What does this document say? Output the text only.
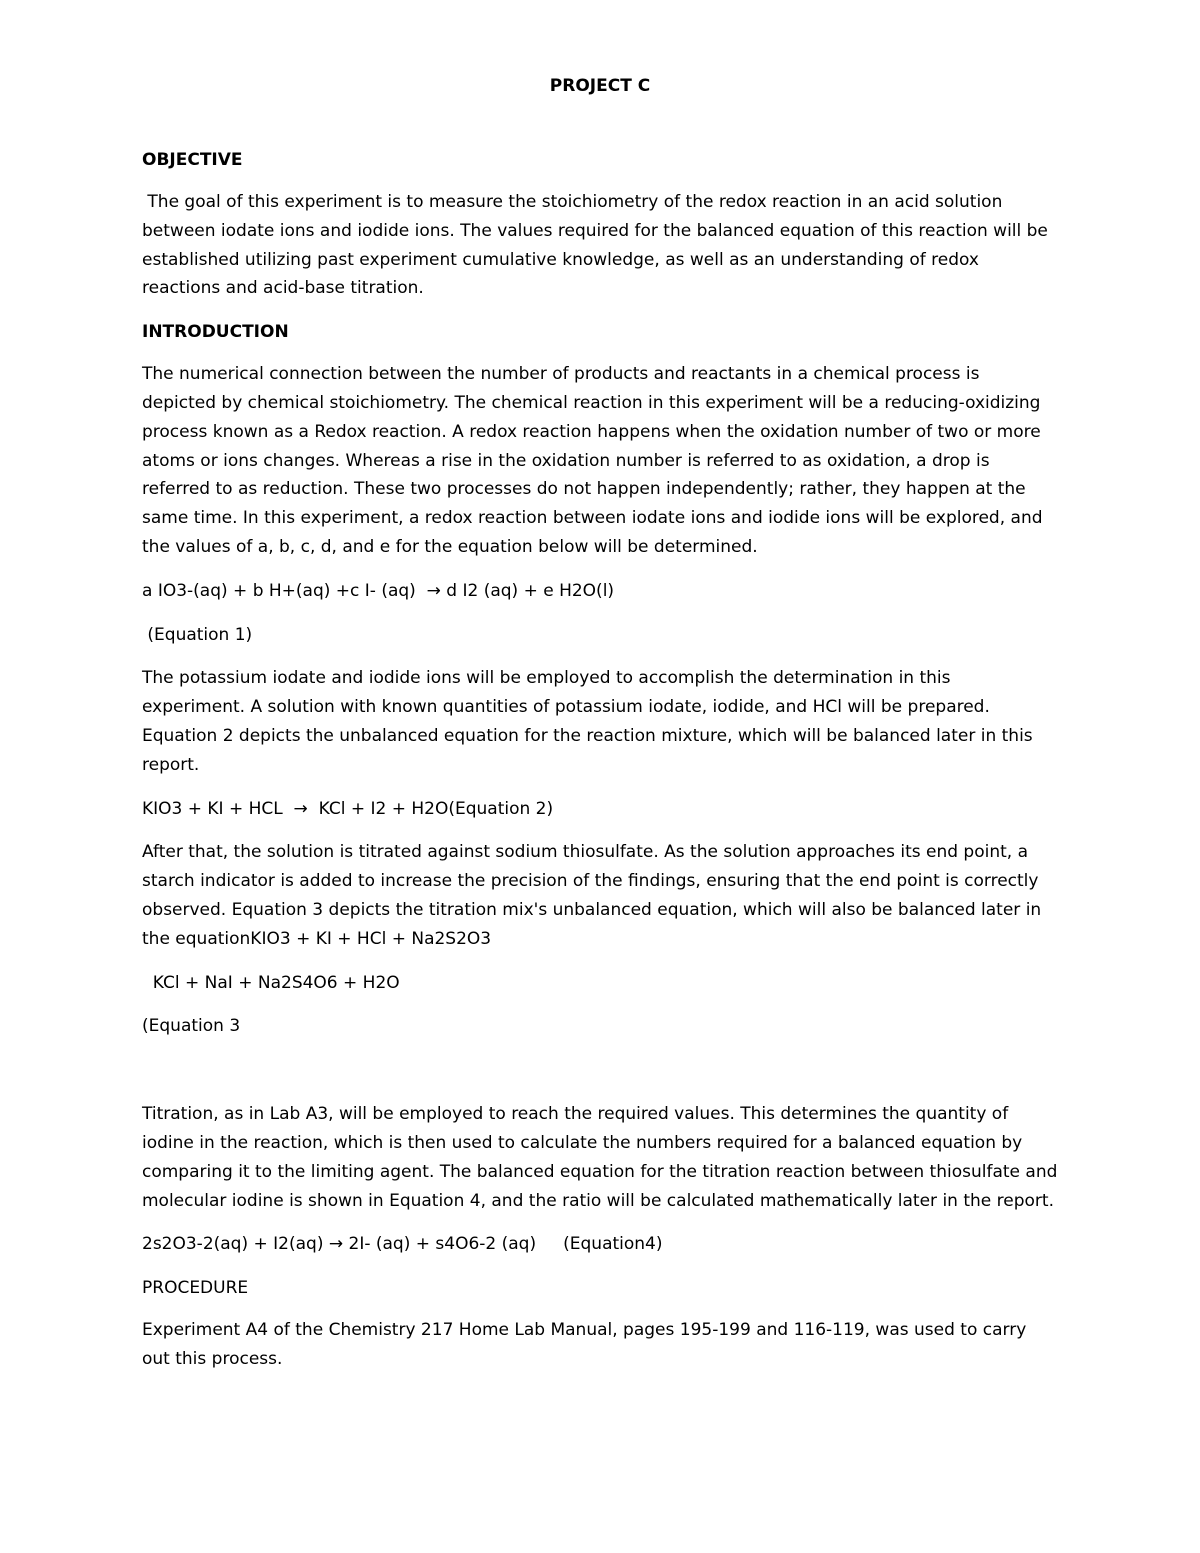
PROJECT C
OBJECTIVE

The goal of this experiment is to measure the stoichiometry of the redox reaction in an acid solution between iodate ions and iodide ions. The values required for the balanced equation of this reaction will be established utilizing past experiment cumulative knowledge, as well as an understanding of redox reactions and acid-base titration.

INTRODUCTION

The numerical connection between the number of products and reactants in a chemical process is depicted by chemical stoichiometry. The chemical reaction in this experiment will be a reducing-oxidizing process known as a Redox reaction. A redox reaction happens when the oxidation number of two or more atoms or ions changes. Whereas a rise in the oxidation number is referred to as oxidation, a drop is referred to as reduction. These two processes do not happen independently; rather, they happen at the same time. In this experiment, a redox reaction between iodate ions and iodide ions will be explored, and the values of a, b, c, d, and e for the equation below will be determined.

a IO3-(aq) + b H+(aq) +c I- (aq)  → d I2 (aq) + e H2O(l)

(Equation 1)

The potassium iodate and iodide ions will be employed to accomplish the determination in this experiment. A solution with known quantities of potassium iodate, iodide, and HCl will be prepared. Equation 2 depicts the unbalanced equation for the reaction mixture, which will be balanced later in this report.

KIO3 + KI + HCL  →  KCl + I2 + H2O(Equation 2)

After that, the solution is titrated against sodium thiosulfate. As the solution approaches its end point, a starch indicator is added to increase the precision of the findings, ensuring that the end point is correctly observed. Equation 3 depicts the titration mix's unbalanced equation, which will also be balanced later in the equationKIO3 + KI + HCl + Na2S2O3

KCl + NaI + Na2S4O6 + H2O

(Equation 3

Titration, as in Lab A3, will be employed to reach the required values. This determines the quantity of iodine in the reaction, which is then used to calculate the numbers required for a balanced equation by comparing it to the limiting agent. The balanced equation for the titration reaction between thiosulfate and molecular iodine is shown in Equation 4, and the ratio will be calculated mathematically later in the report.

2s2O3-2(aq) + I2(aq) → 2I- (aq) + s4O6-2 (aq)     (Equation4)

PROCEDURE

Experiment A4 of the Chemistry 217 Home Lab Manual, pages 195-199 and 116-119, was used to carry out this process.
